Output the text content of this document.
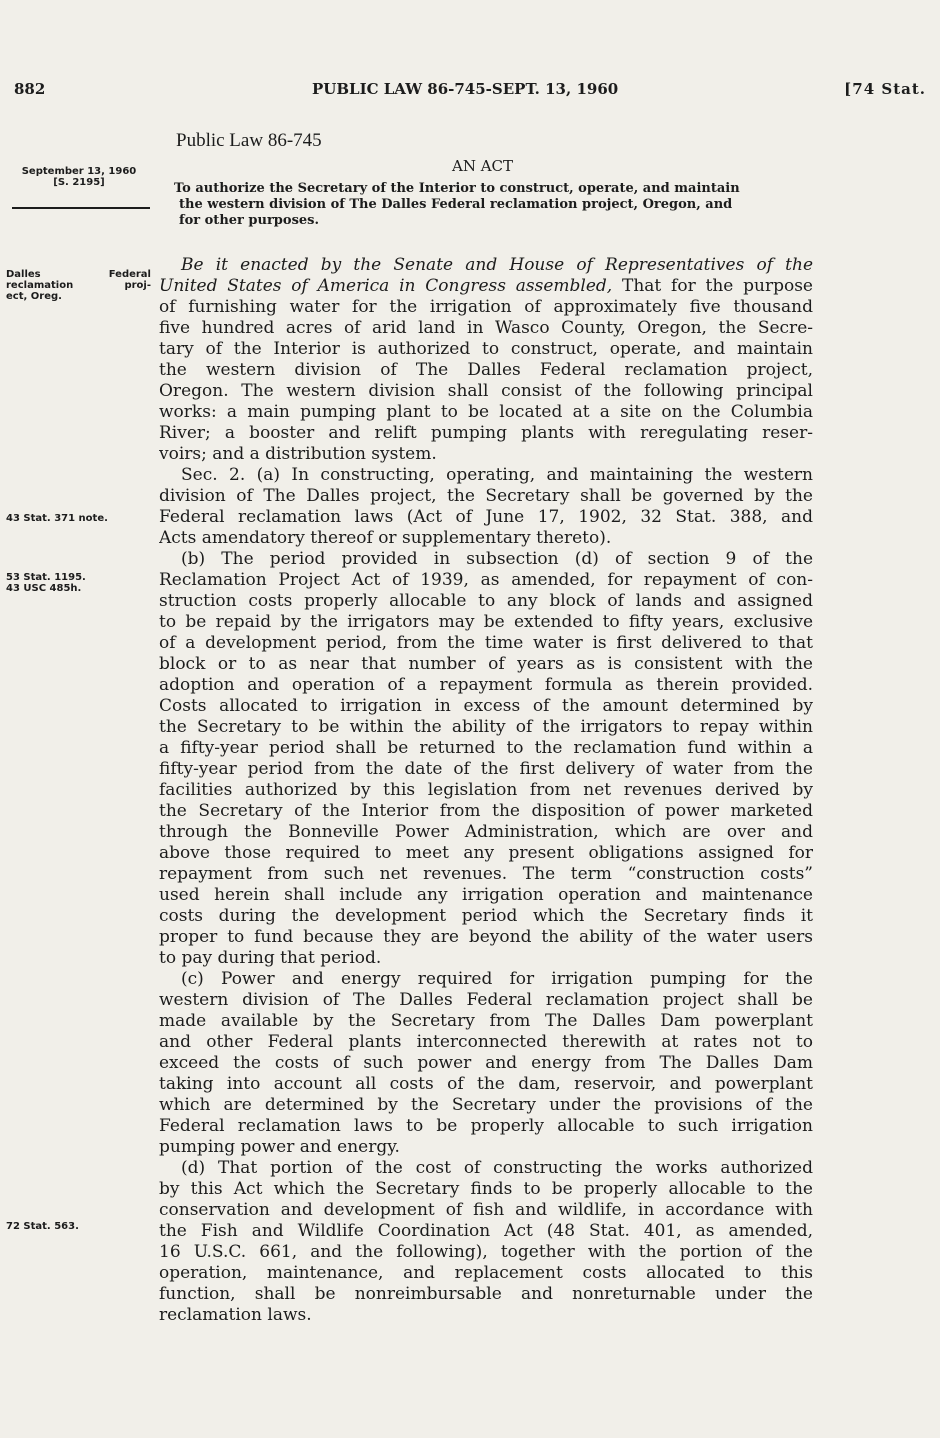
882	PUBLIC LAW 86-745-SEPT. 13, 1960	[74 Stat.
Public Law 86-745
AN ACT
September 13, 1960
[S. 2195]
Dalles Federal
reclamation proj-
ect, Oreg.
43 Stat. 371 note.
53 Stat. 1195.
43 USC 485h.
72 Stat. 563.
To authorize the Secretary of the Interior to construct, operate, and maintain
the western division of The Dalles Federal reclamation project, Oregon, and
for other purposes.
Be it enacted by the Senate and House of Representatives of the
United States of America in Congress assembled, That for the purpose
of furnishing water for the irrigation of approximately five thousand
five hundred acres of arid land in Wasco County, Oregon, the Secre-
tary of the Interior is authorized to construct, operate, and maintain
the western division of The Dalles Federal reclamation project,
Oregon. The western division shall consist of the following principal
works: a main pumping plant to be located at a site on the Columbia
River; a booster and relift pumping plants with reregulating reser-
voirs; and a distribution system.
Sec. 2. (a) In constructing, operating, and maintaining the western
division of The Dalles project, the Secretary shall be governed by the
Federal reclamation laws (Act of June 17, 1902, 32 Stat. 388, and
Acts amendatory thereof or supplementary thereto).
(b) The period provided in subsection (d) of section 9 of the
Reclamation Project Act of 1939, as amended, for repayment of con-
struction costs properly allocable to any block of lands and assigned
to be repaid by the irrigators may be extended to fifty years, exclusive
of a development period, from the time water is first delivered to that
block or to as near that number of years as is consistent with the
adoption and operation of a repayment formula as therein provided.
Costs allocated to irrigation in excess of the amount determined by
the Secretary to be within the ability of the irrigators to repay within
a fifty-year period shall be returned to the reclamation fund within a
fifty-year period from the date of the first delivery of water from the
facilities authorized by this legislation from net revenues derived by
the Secretary of the Interior from the disposition of power marketed
through the Bonneville Power Administration, which are over and
above those required to meet any present obligations assigned for
repayment from such net revenues. The term “construction costs”
used herein shall include any irrigation operation and maintenance
costs during the development period which the Secretary finds it
proper to fund because they are beyond the ability of the water users
to pay during that period.
(c) Power and energy required for irrigation pumping for the
western division of The Dalles Federal reclamation project shall be
made available by the Secretary from The Dalles Dam powerplant
and other Federal plants interconnected therewith at rates not to
exceed the costs of such power and energy from The Dalles Dam
taking into account all costs of the dam, reservoir, and powerplant
which are determined by the Secretary under the provisions of the
Federal reclamation laws to be properly allocable to such irrigation
pumping power and energy.
(d) That portion of the cost of constructing the works authorized
by this Act which the Secretary finds to be properly allocable to the
conservation and development of fish and wildlife, in accordance with
the Fish and Wildlife Coordination Act (48 Stat. 401, as amended,
16 U.S.C. 661, and the following), together with the portion of the
operation, maintenance, and replacement costs allocated to this
function, shall be nonreimbursable and nonreturnable under the
reclamation laws.
